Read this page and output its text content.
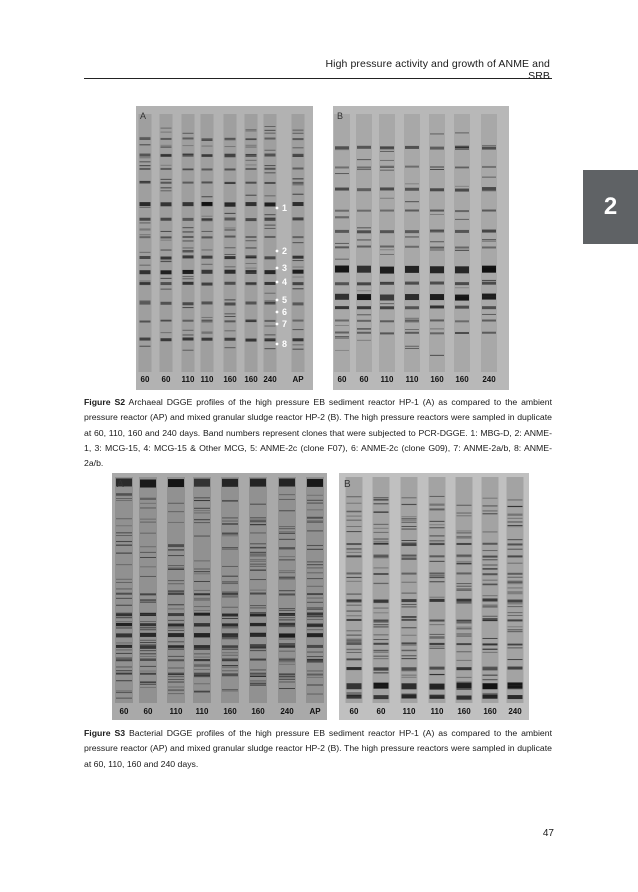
High pressure activity and growth of ANME and SRB
2
A
1
2
3
4
5
6
7
8
60 60 110 110 160 160 240 AP
B
60 60 110 110 160 160 240
Figure S2 Archaeal DGGE profiles of the high pressure EB sediment reactor HP-1 (A) as compared to the ambient pressure reactor (AP) and mixed granular sludge reactor HP-2 (B). The high pressure reactors were sampled in duplicate at 60, 110, 160 and 240 days. Band numbers represent clones that were subjected to PCR-DGGE. 1: MBG-D, 2: ANME-1, 3: MCG-15, 4: MCG-15 & Other MCG, 5: ANME-2c (clone F07), 6: ANME-2c (clone G09), 7: ANME-2a/b, 8: ANME-2a/b.
A
60 60 110 110 160 160 240 AP
B
60 60 110 110 160 160 240
Figure S3 Bacterial DGGE profiles of the high pressure EB sediment reactor HP-1 (A) as compared to the ambient pressure reactor (AP) and mixed granular sludge reactor HP-2 (B). The high pressure reactors were sampled in duplicate at 60, 110, 160 and 240 days.
47
